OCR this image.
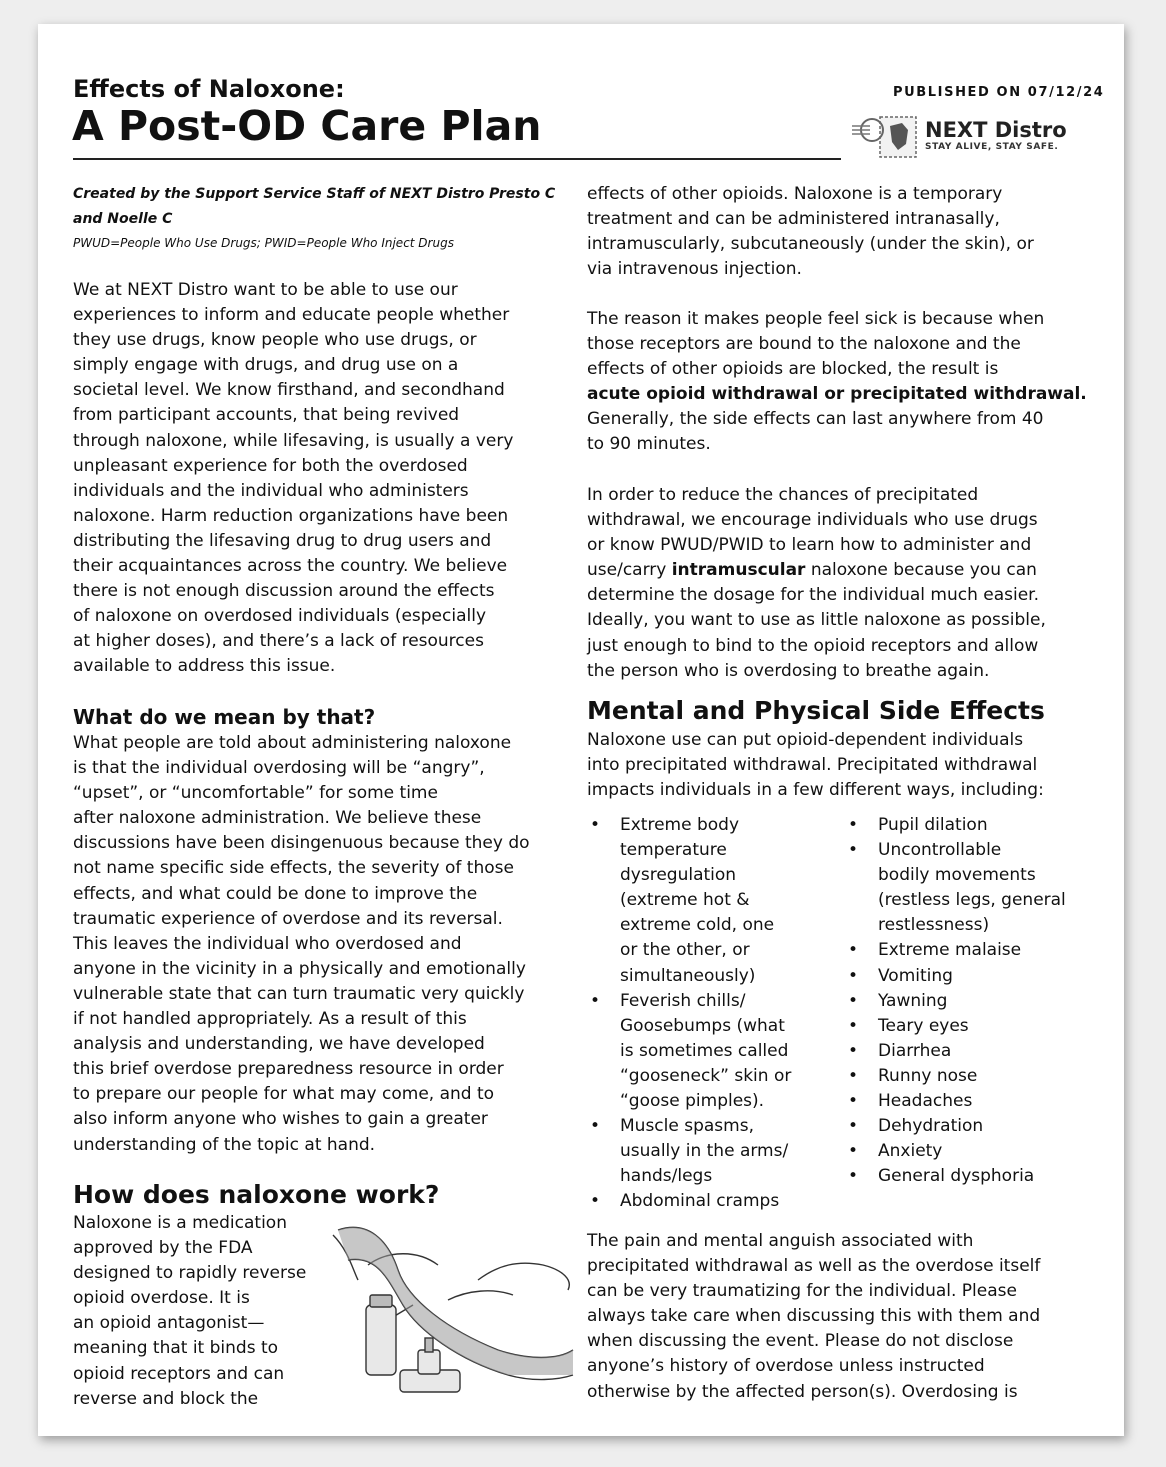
Effects of Naloxone:
A Post-OD Care Plan
PUBLISHED ON 07/12/24
NEXT Distro
STAY ALIVE, STAY SAFE.
Created by the Support Service Staff of NEXT Distro Presto C and Noelle C
PWUD=People Who Use Drugs; PWID=People Who Inject Drugs
We at NEXT Distro want to be able to use our
experiences to inform and educate people whether
they use drugs, know people who use drugs, or
simply engage with drugs, and drug use on a
societal level. We know firsthand, and secondhand
from participant accounts, that being revived
through naloxone, while lifesaving, is usually a very
unpleasant experience for both the overdosed
individuals and the individual who administers
naloxone. Harm reduction organizations have been
distributing the lifesaving drug to drug users and
their acquaintances across the country. We believe
there is not enough discussion around the effects
of naloxone on overdosed individuals (especially
at higher doses), and there’s a lack of resources
available to address this issue.
What do we mean by that?
What people are told about administering naloxone
is that the individual overdosing will be “angry”,
“upset”, or “uncomfortable” for some time
after naloxone administration. We believe these
discussions have been disingenuous because they do
not name specific side effects, the severity of those
effects, and what could be done to improve the
traumatic experience of overdose and its reversal.
This leaves the individual who overdosed and
anyone in the vicinity in a physically and emotionally
vulnerable state that can turn traumatic very quickly
if not handled appropriately. As a result of this
analysis and understanding, we have developed
this brief overdose preparedness resource in order
to prepare our people for what may come, and to
also inform anyone who wishes to gain a greater
understanding of the topic at hand.
How does naloxone work?
Naloxone is a medication
approved by the FDA
designed to rapidly reverse
opioid overdose. It is
an opioid antagonist—
meaning that it binds to
opioid receptors and can
reverse and block the
effects of other opioids. Naloxone is a temporary
treatment and can be administered intranasally,
intramuscularly, subcutaneously (under the skin), or
via intravenous injection.
The reason it makes people feel sick is because when
those receptors are bound to the naloxone and the
effects of other opioids are blocked, the result is
acute opioid withdrawal or precipitated withdrawal.
Generally, the side effects can last anywhere from 40
to 90 minutes.
In order to reduce the chances of precipitated
withdrawal, we encourage individuals who use drugs
or know PWUD/PWID to learn how to administer and
use/carry intramuscular naloxone because you can
determine the dosage for the individual much easier.
Ideally, you want to use as little naloxone as possible,
just enough to bind to the opioid receptors and allow
the person who is overdosing to breathe again.
Mental and Physical Side Effects
Naloxone use can put opioid-dependent individuals
into precipitated withdrawal. Precipitated withdrawal
impacts individuals in a few different ways, including:
• Extreme body
temperature
dysregulation
(extreme hot &
extreme cold, one
or the other, or
simultaneously)
• Feverish chills/
Goosebumps (what
is sometimes called
“gooseneck” skin or
“goose pimples).
• Muscle spasms,
usually in the arms/
hands/legs
• Abdominal cramps
• Pupil dilation
• Uncontrollable
bodily movements
(restless legs, general
restlessness)
• Extreme malaise
• Vomiting
• Yawning
• Teary eyes
• Diarrhea
• Runny nose
• Headaches
• Dehydration
• Anxiety
• General dysphoria
The pain and mental anguish associated with
precipitated withdrawal as well as the overdose itself
can be very traumatizing for the individual. Please
always take care when discussing this with them and
when discussing the event. Please do not disclose
anyone’s history of overdose unless instructed
otherwise by the affected person(s). Overdosing is
